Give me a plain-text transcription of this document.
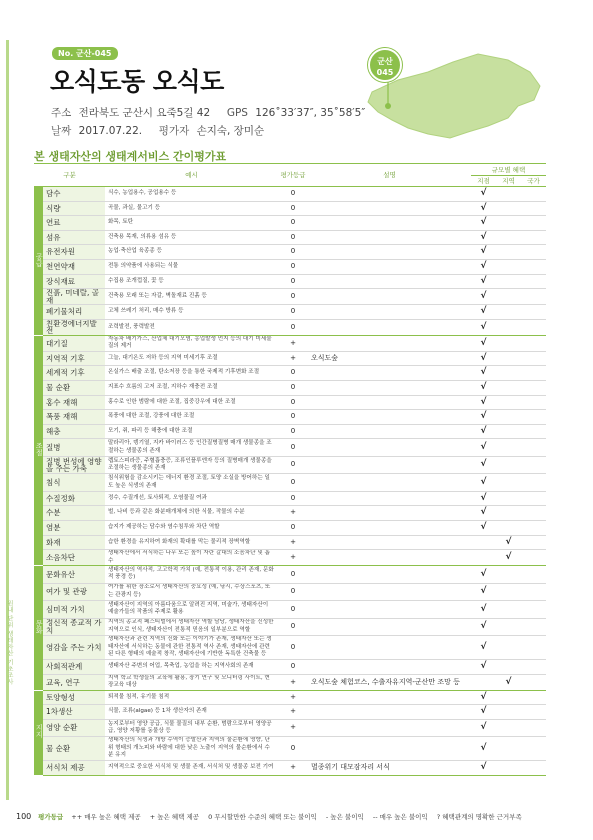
원내 단위 생태자산 기초조사
No. 군산-045
오식도동 오식도
주소 전라북도 군산시 요죽5길 42 GPS 126˚33′37″, 35˚58′5″
날짜 2017.07.22. 평가자 손지숙, 장미순
군산
045
본 생태자산의 생태계서비스 간이평가표
구분		예시	평가등급	설명	규모별 혜택		
					지점	지역	국가
공급	담수	식수, 농업용수, 공업용수 등	0		√		
	식량	곡물, 과실, 물고기 등	0		√		
	연료	화목, 토탄	0		√		
	섬유	건축용 목재, 의류용 섬유 등	0		√		
	유전자원	농업·축산업 육종종 등	0		√		
	천연약재	전통 의약품에 사용되는 식물	0		√		
	장식재료	수집용 조개껍질, 꽃 등	0		√		
	진흙, 미네랄, 골재	건축용 모래 또는 자갈, 벽돌재료 진흙 등	0		√		
	폐기물처리	고체 쓰레기 처리, 매수 방류 등	0		√		
	친환경에너지발전	조력발전, 풍력발전	0		√		
조절	대기질	자동차 배기가스, 산업체 대기오염, 농업발생 먼지 등의 대기 미세물질의 제거	+		√		
	지역적 기후	그늘, 대기온도 저하 등의 지역 미세기후 조절	+	오식도숲	√		
	세계적 기후	온실가스 배출 조절, 탄소저장 등을 통한 국제적 기후변화 조절	0		√		
	물 순환	지표수 흐름의 고저 조절, 지하수 재충전 조절	0		√		
	홍수 재해	홍수로 인한 범람에 대한 조절, 집중강우에 대한 조절	0		√		
	폭풍 재해	폭풍에 대한 조절, 강풍에 대한 조절	0		√		
	해충	모기, 쥐, 파리 등 해충에 대한 조절	0		√		
	질병	말라리아, 뎅기열, 지카 바이러스 등 인간질병질병 매개 생물종을 조절하는 생물종의 존재	0		√		
	질병 번성에 영향을 주는 가축	렙토스피라증, 주혈흡충증, 조류인플루엔자 등의 질병매개 생물종을 조절하는 생물종의 존재	0		√		
	침식	침식위험을 감소시키는 에너지 환경 조절, 토양 소실을 방어하는 일도 높은 식생의 존재	0		√		
	수질정화	정수, 수질개선, 토사퇴적, 오염물질 여과	0		√		
	수분	벌, 나비 등과 같은 화분매개체에 의한 식물, 작물의 수분	+		√		
	염분	습지가 제공하는 담수와 염수침투와 차단 역할	0		√		
	화재	습한 환경을 유지하여 화재의 확대를 막는 물리적 장벽역할	+			√	
	소음차단	생태자산에서 서식하는 나무 또는 높이 자란 갈대의 소음차단 및 흡수	+			√	
문화	문화유산	생태자산의 역사적, 고고학적 가치 (예, 전통적 이용, 관리 존재, 문화적 풍경 등)	0		√		
	여가 및 관광	여가를 위한 장소로서 생태자산의 중요성 (예, 낚시, 수상스포츠, 또는 관광지 등)	0		√		
	심미적 가치	생태자산이 지역의 아름다움으로 알려진 지역, 미술가, 생태자산이 예술가들의 작품의 주제로 활용	0		√		
	정신적 종교적 가치	지역의 종교적 페스티벌에서 생태자산 역할 담당, 생태자산을 신성한 지역으로 인식, 생태자산이 전통적 믿음의 일부분으로 역할	0		√		
	영감을 주는 가치	생태자산과 관련 지역의 신화 또는 이야기가 존재, 생태자산 또는 생태자산에 서식하는 동물에 관한 전통적 역사 존재, 생태자산에 관련된 다른 형태의 예술적 창작, 생태자산에 기반한 독특한 건축물 등	0		√		
	사회적관계	생태자산 주변의 어업, 목축업, 농업을 하는 지역사회의 존재	0		√		
	교육, 연구	지역 학교 학생들의 교육에 활용, 장기 연구 및 모니터링 사이트, 현장교육 대상	+	오식도숲 체험코스, 수출자유지역-군산만 조망 등		√	
지지	토양형성	퇴적물 침적, 유기물 침적	+		√		
	1차생산	식물, 조류(algae) 등 1차 생산자의 존재	+		√		
	영양 순환	농지로부터 영양 공급, 식물 물질의 내부 순환, 범람으로부터 영양공급, 영양 저황를 동물상 등	+		√		
	물 순환	생태자산의 식생과 개방 수역이 증발산과 지역의 물순환에 영향, 단위 형태의 개노피와 바람에 대한 낮은 노출이 지역의 물순환에서 수분 유지	0		√		
	서식처 제공	지역적으로 중요한 서식처 및 생물 존재, 서식처 및 생물종 보전 기여	+	멸종위기 대모잠자리 서식	√		
100 평가등급 ++ 매우 높은 혜택 제공 + 높은 혜택 제공 0 무시할만한 수준의 혜택 또는 불이익 - 높은 불이익 -- 매우 높은 불이익 ? 혜택관계의 명확한 근거부족
